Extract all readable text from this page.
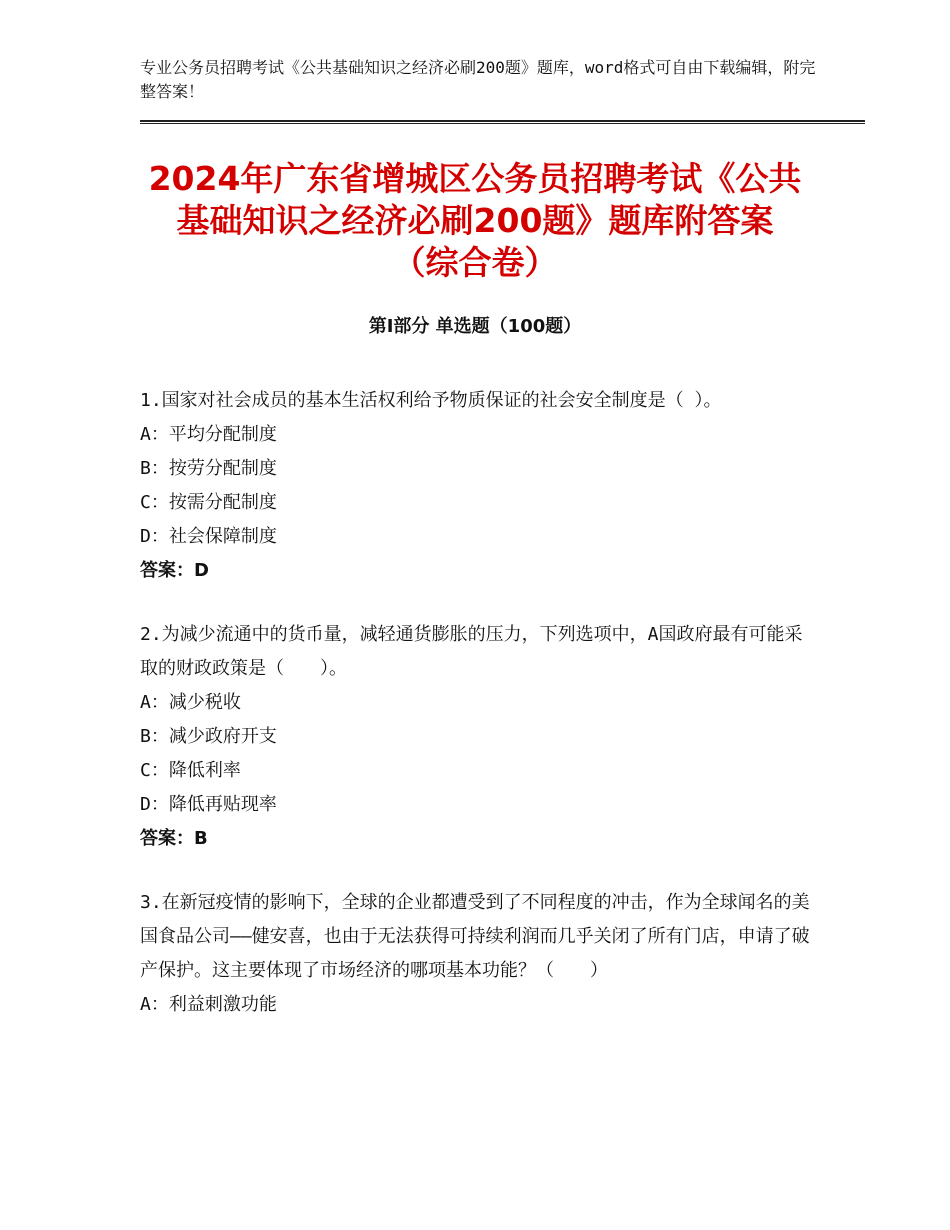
专业公务员招聘考试《公共基础知识之经济必刷200题》题库，word格式可自由下载编辑，附完整答案！
2024年广东省增城区公务员招聘考试《公共
基础知识之经济必刷200题》题库附答案
（综合卷）
第Ⅰ部分 单选题（100题）

1.国家对社会成员的基本生活权利给予物质保证的社会安全制度是（ ）。

A：平均分配制度

B：按劳分配制度

C：按需分配制度

D：社会保障制度

答案：D

2.为减少流通中的货币量，减轻通货膨胀的压力，下列选项中，A国政府最有可能采取的财政政策是（　　）。

A：减少税收

B：减少政府开支

C：降低利率

D：降低再贴现率

答案：B

3.在新冠疫情的影响下，全球的企业都遭受到了不同程度的冲击，作为全球闻名的美国食品公司——健安喜，也由于无法获得可持续利润而几乎关闭了所有门店，申请了破产保护。这主要体现了市场经济的哪项基本功能？（　　）

A：利益刺激功能
